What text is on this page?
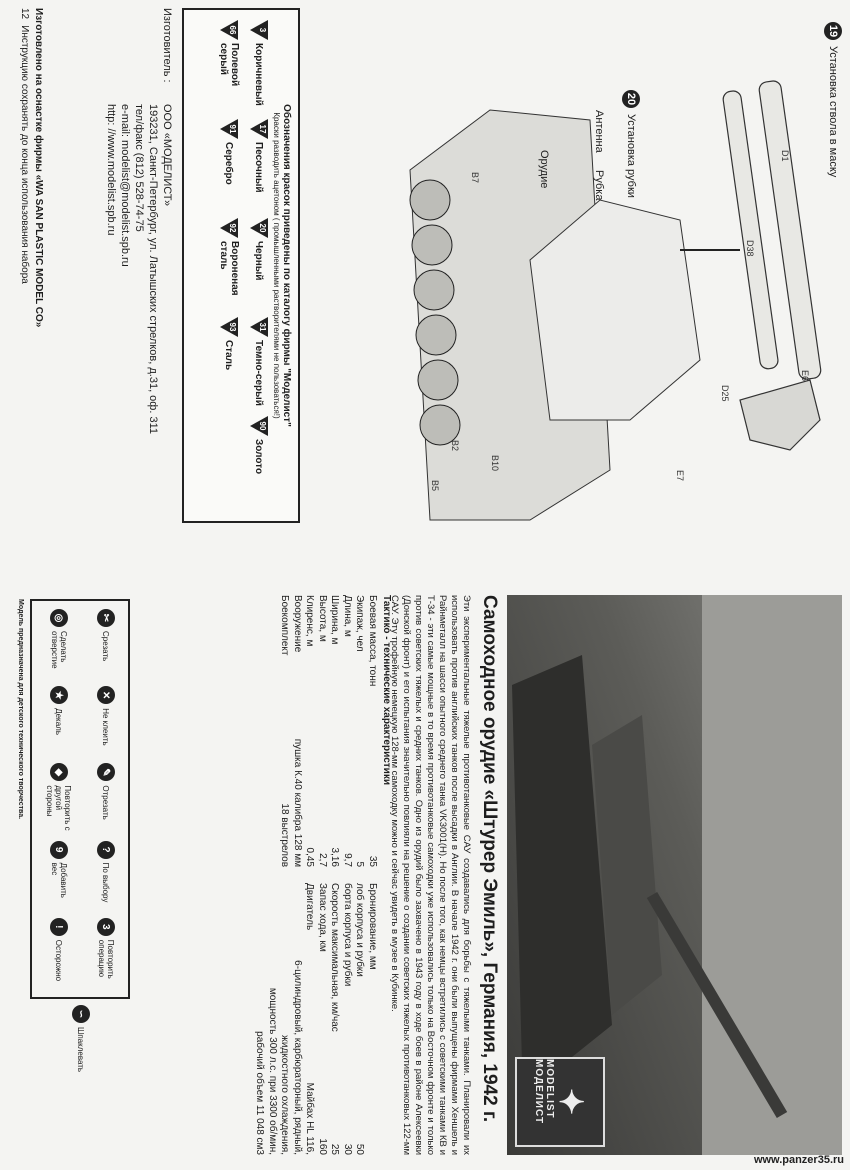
19
Установка ствола в маску
20
Установка рубки
Орудие	Рубка
Антенна
D1
D38
D25
E6
E7
B7
B5
B10
B2
Обозначения красок приведены по каталогу фирмы "Моделист"
Краски разводить ацетоном ( промышленными растворителями не пользоваться!)
3
Коричневый
17
Песочный
20
Черный
31
Темно-серый
90
Золото
66
Полевой серый
91
Серебро
92
Вороненая сталь
93
Сталь
Изготовитель :
ООО «МОДЕЛИСТ»
193231, Санкт-Петербург, ул. Латышских стрелков, д.31, оф. 311
тел/факс (812) 528-74-75
e-mail: modelist@modelist.spb.ru
http: //www.modelist.spb.ru
Изготовлено на оснастке фирмы «WA SAN PLASTIC MODEL CO»
12
Инструкцию сохранять до конца использования набора
✦
MODELIST МОДЕЛИСТ
Самоходное орудие «Штурер Эмиль», Германия, 1942 г.
Эти экспериментальные тяжелые противотанковые САУ создавались для борьбы с тяжелыми танками. Планировали их использовать против английских танков после высадки в Англии. В начале 1942 г. они были выпущены фирмами Хеншель и Райнметалл на шасси опытного среднего танка VK3001(H). Но после того, как немцы встретились с советскими танками КВ и Т-34 - эти самые мощные в то время противотанковые самоходки уже использовались только на Восточном фронте и только против советских тяжелых и средних танков. Одно из орудий было захвачено в 1943 году в ходе боев в районе Алексеевки (Донской фронт) и его испытания значительно повлияли на решение о создании советских тяжелых противотанковых 122-мм САУ. Эту трофейную немецкую 128-мм самоходку можно и сейчас увидеть в музее в Кубинке.
Тактико - технические характеристики
Боевая масса, тонн
35
Экипаж, чел
5
Длина, м
9,7
Ширина, м
3,16
Высота, м
2,7
Клиренс, м
0,45
Вооружение
пушка К.40 калибра 128 мм
Боекомплект
18 выстрелов
Бронирование, мм
лоб корпуса и рубки
50
борта корпуса и рубки
30
Скорость максимальная, км/час
25
Запас хода, км
160
Двигатель
Майбах HL 116,
6-цилиндровый, карбюраторный, рядный,
жидкостного охлаждения,
мощность 300 л.с. при 3300 об/мин,
рабочий объем 11 048 см3
✂
Срезать
✕
Не клеить
✎
Отрезать
?
По выбору
3
Повторить операцию
◎
Сделать отверстие
★
Декаль
◆
Повторить с другой стороны
9
Добавить вес
!
Осторожно
∽
Шпаклевать
Модель предназначена для детского технического творчества.
www.panzer35.ru
